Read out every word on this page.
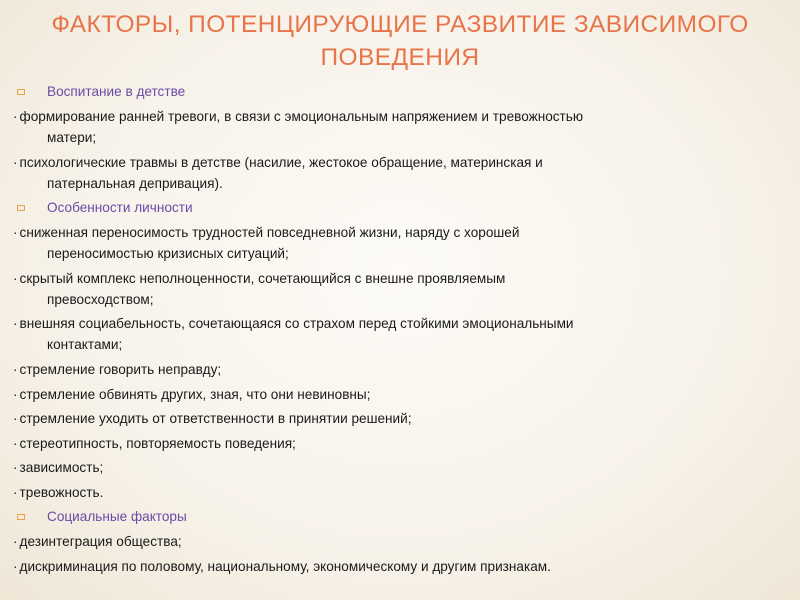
ФАКТОРЫ, ПОТЕНЦИРУЮЩИЕ РАЗВИТИЕ ЗАВИСИМОГО
ПОВЕДЕНИЯ
Воспитание в детстве
· формирование ранней тревоги, в связи с эмоциональным напряжением и тревожностью
матери;
· психологические травмы в детстве (насилие, жестокое обращение, материнская и
патернальная депривация).
Особенности личности
· сниженная переносимость трудностей повседневной жизни, наряду с хорошей
переносимостью кризисных ситуаций;
· скрытый комплекс неполноценности, сочетающийся с внешне проявляемым
превосходством;
· внешняя социабельность, сочетающаяся со страхом перед стойкими эмоциональными
контактами;
· стремление говорить неправду;
· стремление обвинять других, зная, что они невиновны;
· стремление уходить от ответственности в принятии решений;
· стереотипность, повторяемость поведения;
· зависимость;
· тревожность.
Социальные факторы
· дезинтеграция общества;
· дискриминация по половому, национальному, экономическому и другим признакам.
